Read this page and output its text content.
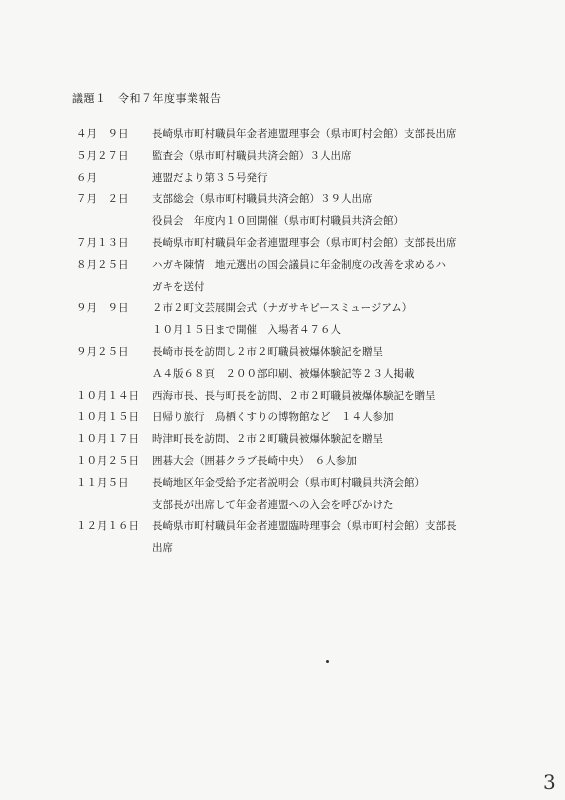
議題１　令和７年度事業報告
４月　９日 長崎県市町村職員年金者連盟理事会（県市町村会館）支部長出席
５月２７日 監査会（県市町村職員共済会館）３人出席
６月	連盟だより第３５号発行
７月　２日 支部総会（県市町村職員共済会館）３９人出席
役員会　年度内１０回開催（県市町村職員共済会館）
７月１３日 長崎県市町村職員年金者連盟理事会（県市町村会館）支部長出席
８月２５日 ハガキ陳情　地元選出の国会議員に年金制度の改善を求めるハ
ガキを送付
９月　９日 ２市２町文芸展開会式（ナガサキピースミュージアム）
１０月１５日まで開催　入場者４７６人
９月２５日 長崎市長を訪問し２市２町職員被爆体験記を贈呈
Ａ４版６８頁　２００部印刷、被爆体験記等２３人掲載
１０月１４日 西海市長、長与町長を訪問、２市２町職員被爆体験記を贈呈
１０月１５日 日帰り旅行　鳥栖くすりの博物館など　１４人参加
１０月１７日 時津町長を訪問、２市２町職員被爆体験記を贈呈
１０月２５日 囲碁大会（囲碁クラブ長崎中央）　６人参加
１１月５日 長崎地区年金受給予定者説明会（県市町村職員共済会館）
支部長が出席して年金者連盟への入会を呼びかけた
１２月１６日 長崎県市町村職員年金者連盟臨時理事会（県市町村会館）支部長
出席
3
